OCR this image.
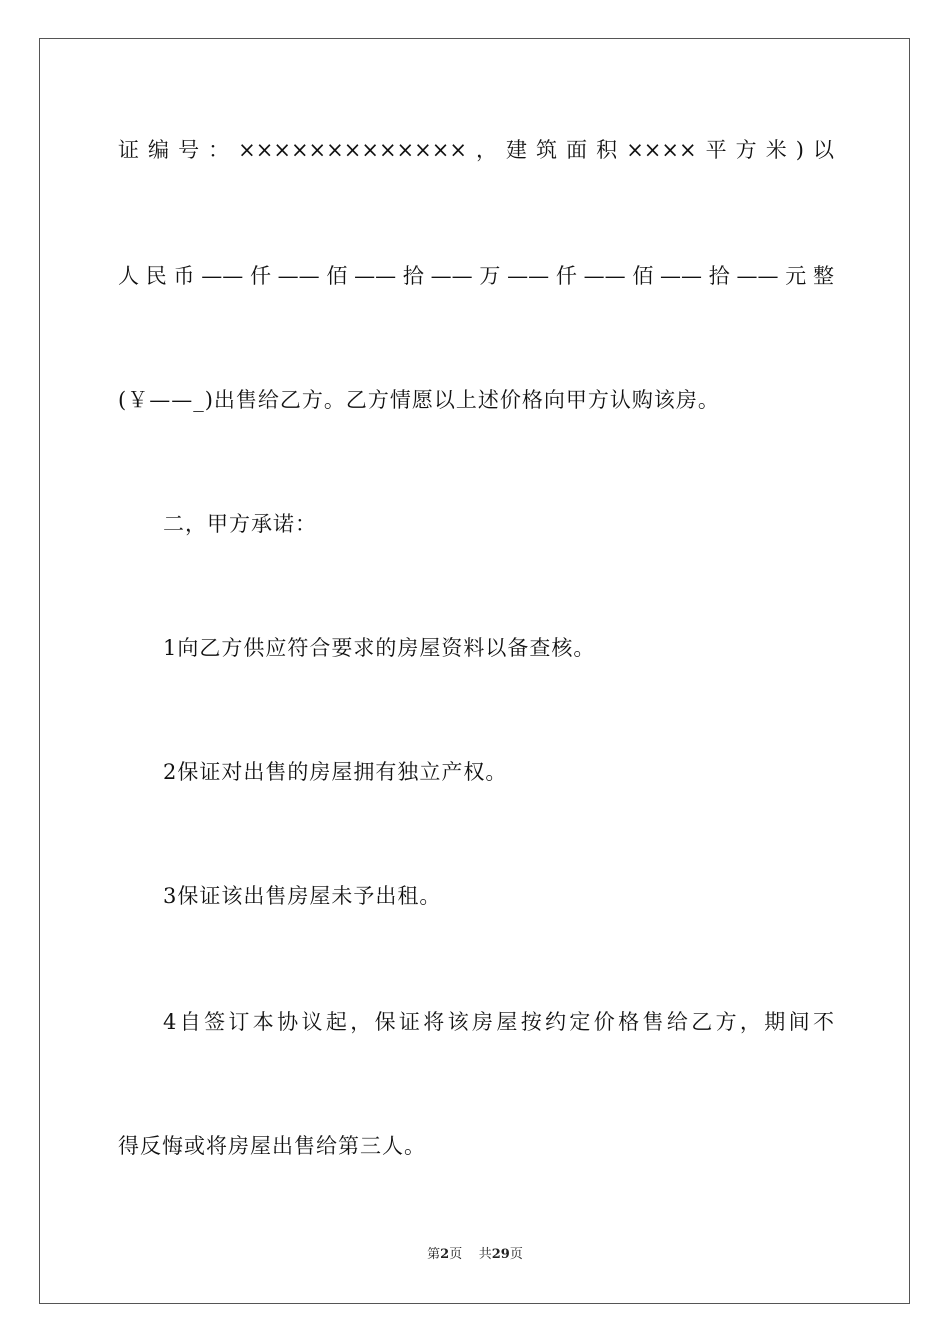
证编号：×××××××××××××，建筑面积××××平方米)以
人民币——仟——佰——拾——万——仟——佰——拾——元整
(￥——_)出售给乙方。乙方情愿以上述价格向甲方认购该房。
二，甲方承诺：
1向乙方供应符合要求的房屋资料以备查核。
2保证对出售的房屋拥有独立产权。
3保证该出售房屋未予出租。
4自签订本协议起，保证将该房屋按约定价格售给乙方，期间不
得反悔或将房屋出售给第三人。
第2页 共29页
